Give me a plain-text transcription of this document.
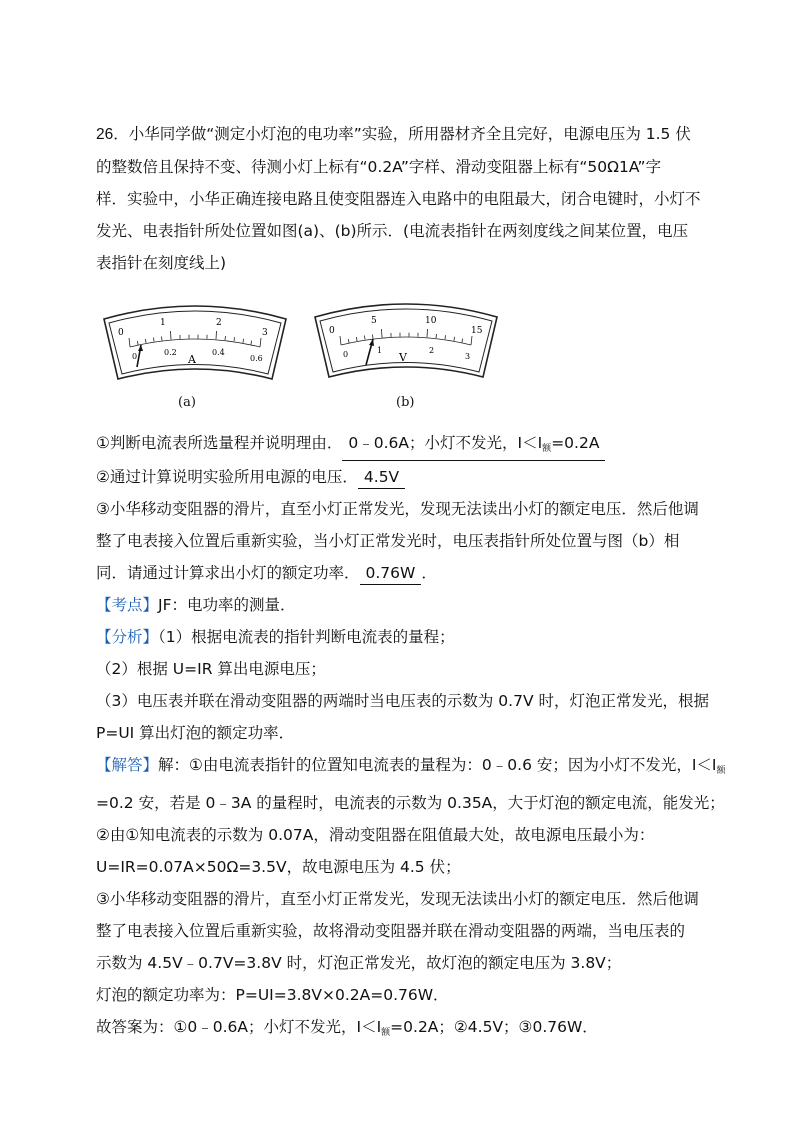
26．小华同学做“测定小灯泡的电功率”实验，所用器材齐全且完好，电源电压为 1.5 伏
的整数倍且保持不变、待测小灯上标有“0.2A”字样、滑动变阻器上标有“50Ω1A”字
样．实验中，小华正确连接电路且使变阻器连入电路中的电阻最大，闭合电键时，小灯不
发光、电表指针所处位置如图(a)、(b)所示．(电流表指针在两刻度线之间某位置，电压
表指针在刻度线上)
0
1	2
3
0	0.2	0.4
0.6
A
(a)
0
5	10
15
0	1	2
3
V
(b)
①判断电流表所选量程并说明理由． 0﹣0.6A；小灯不发光，$I<I_额=0.2A$
②通过计算说明实验所用电源的电压． 4.5V
③小华移动变阻器的滑片，直至小灯正常发光，发现无法读出小灯的额定电压．然后他调
整了电表接入位置后重新实验，当小灯正常发光时，电压表指针所处位置与图（b）相
同．请通过计算求出小灯的额定功率． 0.76W ．
【考点】JF：电功率的测量．
【分析】（1）根据电流表的指针判断电流表的量程；
（2）根据 U=IR 算出电源电压；
（3）电压表并联在滑动变阻器的两端时当电压表的示数为 0.7V 时，灯泡正常发光，根据
P=UI 算出灯泡的额定功率．
【解答】解：①由电流表指针的位置知电流表的量程为：0﹣0.6 安；因为小灯不发光，$I<I_额$
=0.2 安，若是 0﹣3A 的量程时，电流表的示数为 0.35A，大于灯泡的额定电流，能发光；
②由①知电流表的示数为 0.07A，滑动变阻器在阻值最大处，故电源电压最小为：
U=IR=0.07A×50Ω=3.5V，故电源电压为 4.5 伏；
③小华移动变阻器的滑片，直至小灯正常发光，发现无法读出小灯的额定电压．然后他调
整了电表接入位置后重新实验，故将滑动变阻器并联在滑动变阻器的两端，当电压表的
示数为 4.5V﹣0.7V=3.8V 时，灯泡正常发光，故灯泡的额定电压为 3.8V；
灯泡的额定功率为：P=UI=3.8V×0.2A=0.76W．
故答案为：①0﹣0.6A；小灯不发光，$I<I_额=0.2A$；②4.5V；③0.76W．
